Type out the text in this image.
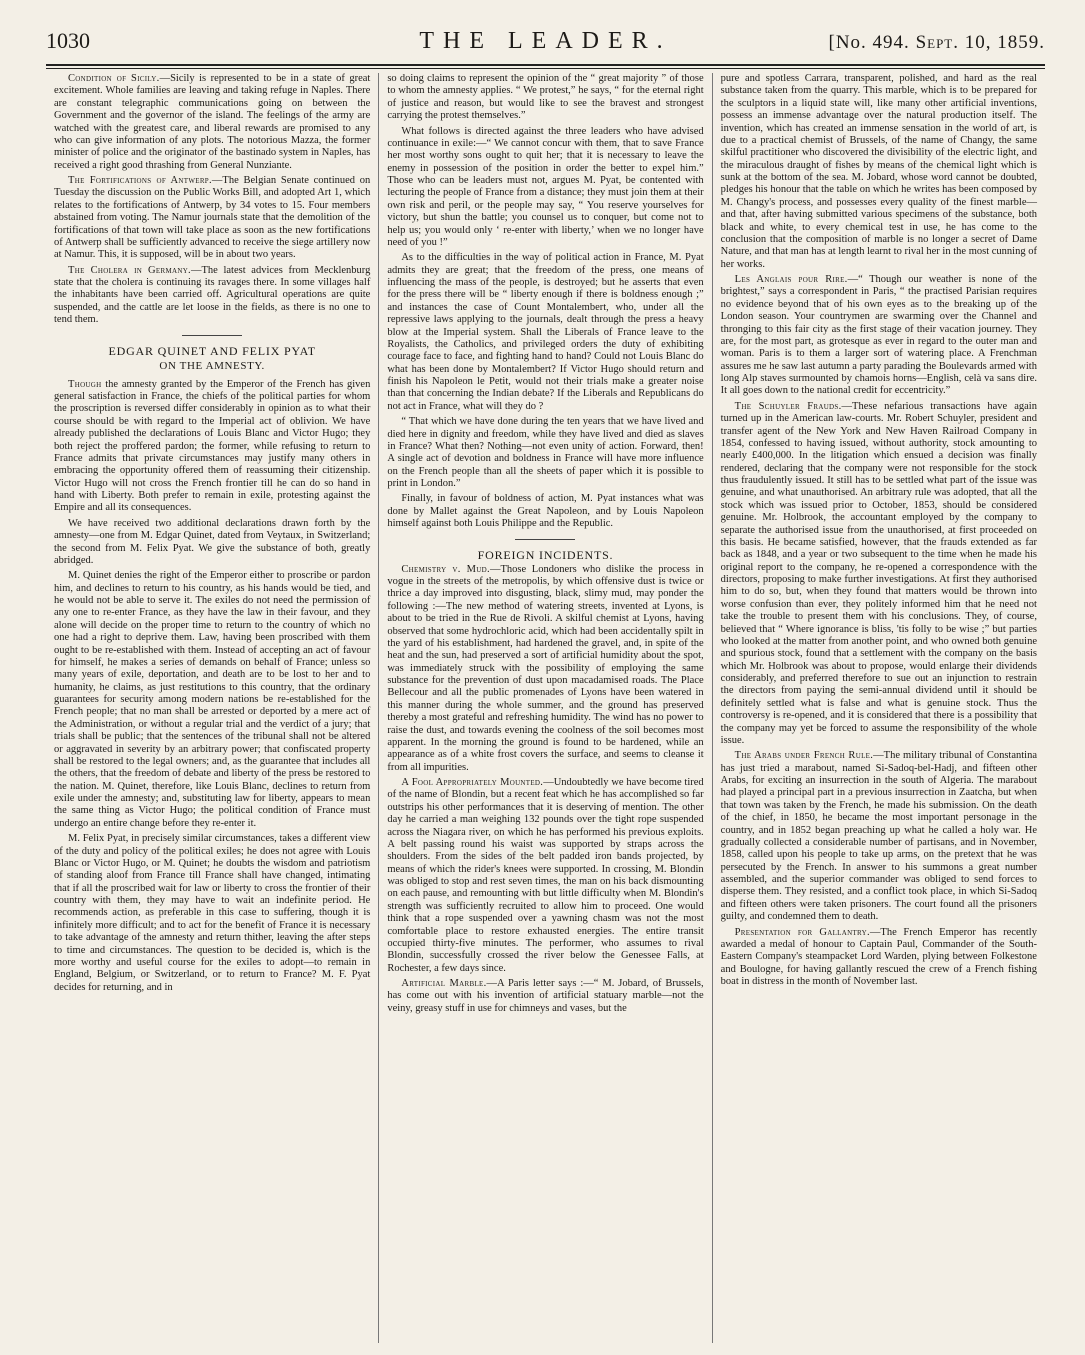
1030	THE LEADER.	[No. 494. Sept. 10, 1859.

Condition of Sicily.—Sicily is represented to be in a state of great excitement. Whole families are leaving and taking refuge in Naples. There are constant telegraphic communications going on between the Government and the governor of the island. The feelings of the army are watched with the greatest care, and liberal rewards are promised to any who can give information of any plots. The notorious Mazza, the former minister of police and the originator of the bastinado system in Naples, has received a right good thrashing from General Nunziante.

The Fortifications of Antwerp.—The Belgian Senate continued on Tuesday the discussion on the Public Works Bill, and adopted Art 1, which relates to the fortifications of Antwerp, by 34 votes to 15. Four members abstained from voting. The Namur journals state that the demolition of the fortifications of that town will take place as soon as the new fortifications of Antwerp shall be sufficiently advanced to receive the siege artillery now at Namur. This, it is supposed, will be in about two years.

The Cholera in Germany.—The latest advices from Mecklenburg state that the cholera is continuing its ravages there. In some villages half the inhabitants have been carried off. Agricultural operations are quite suspended, and the cattle are let loose in the fields, as there is no one to tend them.

EDGAR QUINET AND FELIX PYAT
ON THE AMNESTY.

Though the amnesty granted by the Emperor of the French has given general satisfaction in France, the chiefs of the political parties for whom the proscription is reversed differ considerably in opinion as to what their course should be with regard to the Imperial act of oblivion. We have already published the declarations of Louis Blanc and Victor Hugo; they both reject the proffered pardon; the former, while refusing to return to France admits that private circumstances may justify many others in embracing the opportunity offered them of reassuming their citizenship. Victor Hugo will not cross the French frontier till he can do so hand in hand with Liberty. Both prefer to remain in exile, protesting against the Empire and all its consequences.

We have received two additional declarations drawn forth by the amnesty—one from M. Edgar Quinet, dated from Veytaux, in Switzerland; the second from M. Felix Pyat. We give the substance of both, greatly abridged.

M. Quinet denies the right of the Emperor either to proscribe or pardon him, and declines to return to his country, as his hands would be tied, and he would not be able to serve it. The exiles do not need the permission of any one to re-enter France, as they have the law in their favour, and they alone will decide on the proper time to return to the country of which no one had a right to deprive them. Law, having been proscribed with them ought to be re-established with them. Instead of accepting an act of favour for himself, he makes a series of demands on behalf of France; unless so many years of exile, deportation, and death are to be lost to her and to humanity, he claims, as just restitutions to this country, that the ordinary guarantees for security among modern nations be re-established for the French people; that no man shall be arrested or deported by a mere act of the Administration, or without a regular trial and the verdict of a jury; that trials shall be public; that the sentences of the tribunal shall not be altered or aggravated in severity by an arbitrary power; that confiscated property shall be restored to the legal owners; and, as the guarantee that includes all the others, that the freedom of debate and liberty of the press be restored to the nation. M. Quinet, therefore, like Louis Blanc, declines to return from exile under the amnesty; and, substituting law for liberty, appears to mean the same thing as Victor Hugo; the political condition of France must undergo an entire change before they re-enter it.

M. Felix Pyat, in precisely similar circumstances, takes a different view of the duty and policy of the political exiles; he does not agree with Louis Blanc or Victor Hugo, or M. Quinet; he doubts the wisdom and patriotism of standing aloof from France till France shall have changed, intimating that if all the proscribed wait for law or liberty to cross the frontier of their country with them, they may have to wait an indefinite period. He recommends action, as preferable in this case to suffering, though it is infinitely more difficult; and to act for the benefit of France it is necessary to take advantage of the amnesty and return thither, leaving the after steps to time and circumstances. The question to be decided is, which is the more worthy and useful course for the exiles to adopt—to remain in England, Belgium, or Switzerland, or to return to France? M. F. Pyat decides for returning, and in

so doing claims to represent the opinion of the “ great majority ” of those to whom the amnesty applies. “ We protest,” he says, “ for the eternal right of justice and reason, but would like to see the bravest and strongest carrying the protest themselves.”

What follows is directed against the three leaders who have advised continuance in exile:—“ We cannot concur with them, that to save France her most worthy sons ought to quit her; that it is necessary to leave the enemy in possession of the position in order the better to expel him.” Those who can be leaders must not, argues M. Pyat, be contented with lecturing the people of France from a distance; they must join them at their own risk and peril, or the people may say, “ You reserve yourselves for victory, but shun the battle; you counsel us to conquer, but come not to help us; you would only ‘ re-enter with liberty,’ when we no longer have need of you !”

As to the difficulties in the way of political action in France, M. Pyat admits they are great; that the freedom of the press, one means of influencing the mass of the people, is destroyed; but he asserts that even for the press there will be “ liberty enough if there is boldness enough ;” and instances the case of Count Montalembert, who, under all the repressive laws applying to the journals, dealt through the press a heavy blow at the Imperial system. Shall the Liberals of France leave to the Royalists, the Catholics, and privileged orders the duty of exhibiting courage face to face, and fighting hand to hand? Could not Louis Blanc do what has been done by Montalembert? If Victor Hugo should return and finish his Napoleon le Petit, would not their trials make a greater noise than that concerning the Indian debate? If the Liberals and Republicans do not act in France, what will they do ?

“ That which we have done during the ten years that we have lived and died here in dignity and freedom, while they have lived and died as slaves in France? What then? Nothing—not even unity of action. Forward, then! A single act of devotion and boldness in France will have more influence on the French people than all the sheets of paper which it is possible to print in London.”

Finally, in favour of boldness of action, M. Pyat instances what was done by Mallet against the Great Napoleon, and by Louis Napoleon himself against both Louis Philippe and the Republic.

FOREIGN INCIDENTS.

Chemistry v. Mud.—Those Londoners who dislike the process in vogue in the streets of the metropolis, by which offensive dust is twice or thrice a day improved into disgusting, black, slimy mud, may ponder the following :—The new method of watering streets, invented at Lyons, is about to be tried in the Rue de Rivoli. A skilful chemist at Lyons, having observed that some hydrochloric acid, which had been accidentally spilt in the yard of his establishment, had hardened the gravel, and, in spite of the heat and the sun, had preserved a sort of artificial humidity about the spot, was immediately struck with the possibility of employing the same substance for the prevention of dust upon macadamised roads. The Place Bellecour and all the public promenades of Lyons have been watered in this manner during the whole summer, and the ground has preserved thereby a most grateful and refreshing humidity. The wind has no power to raise the dust, and towards evening the coolness of the soil becomes most apparent. In the morning the ground is found to be hardened, while an appearance as of a white frost covers the surface, and seems to cleanse it from all impurities.

A Fool Appropriately Mounted.—Undoubtedly we have become tired of the name of Blondin, but a recent feat which he has accomplished so far outstrips his other performances that it is deserving of mention. The other day he carried a man weighing 132 pounds over the tight rope suspended across the Niagara river, on which he has performed his previous exploits. A belt passing round his waist was supported by straps across the shoulders. From the sides of the belt padded iron bands projected, by means of which the rider's knees were supported. In crossing, M. Blondin was obliged to stop and rest seven times, the man on his back dismounting on each pause, and remounting with but little difficulty when M. Blondin's strength was sufficiently recruited to allow him to proceed. One would think that a rope suspended over a yawning chasm was not the most comfortable place to restore exhausted energies. The entire transit occupied thirty-five minutes. The performer, who assumes to rival Blondin, successfully crossed the river below the Genessee Falls, at Rochester, a few days since.

Artificial Marble.—A Paris letter says :—“ M. Jobard, of Brussels, has come out with his invention of artificial statuary marble—not the veiny, greasy stuff in use for chimneys and vases, but the

pure and spotless Carrara, transparent, polished, and hard as the real substance taken from the quarry. This marble, which is to be prepared for the sculptors in a liquid state will, like many other artificial inventions, possess an immense advantage over the natural production itself. The invention, which has created an immense sensation in the world of art, is due to a practical chemist of Brussels, of the name of Changy, the same skilful practitioner who discovered the divisibility of the electric light, and the miraculous draught of fishes by means of the chemical light which is sunk at the bottom of the sea. M. Jobard, whose word cannot be doubted, pledges his honour that the table on which he writes has been composed by M. Changy's process, and possesses every quality of the finest marble—and that, after having submitted various specimens of the substance, both black and white, to every chemical test in use, he has come to the conclusion that the composition of marble is no longer a secret of Dame Nature, and that man has at length learnt to rival her in the most cunning of her works.

Les Anglais pour Rire.—“ Though our weather is none of the brightest,” says a correspondent in Paris, “ the practised Parisian requires no evidence beyond that of his own eyes as to the breaking up of the London season. Your countrymen are swarming over the Channel and thronging to this fair city as the first stage of their vacation journey. They are, for the most part, as grotesque as ever in regard to the outer man and woman. Paris is to them a larger sort of watering place. A Frenchman assures me he saw last autumn a party parading the Boulevards armed with long Alp staves surmounted by chamois horns—English, celà va sans dire. It all goes down to the national credit for eccentricity.”

The Schuyler Frauds.—These nefarious transactions have again turned up in the American law-courts. Mr. Robert Schuyler, president and transfer agent of the New York and New Haven Railroad Company in 1854, confessed to having issued, without authority, stock amounting to nearly £400,000. In the litigation which ensued a decision was finally rendered, declaring that the company were not responsible for the stock thus fraudulently issued. It still has to be settled what part of the issue was genuine, and what unauthorised. An arbitrary rule was adopted, that all the stock which was issued prior to October, 1853, should be considered genuine. Mr. Holbrook, the accountant employed by the company to separate the authorised issue from the unauthorised, at first proceeded on this basis. He became satisfied, however, that the frauds extended as far back as 1848, and a year or two subsequent to the time when he made his original report to the company, he re-opened a correspondence with the directors, proposing to make further investigations. At first they authorised him to do so, but, when they found that matters would be thrown into worse confusion than ever, they politely informed him that he need not take the trouble to present them with his conclusions. They, of course, believed that “ Where ignorance is bliss, 'tis folly to be wise ;” but parties who looked at the matter from another point, and who owned both genuine and spurious stock, found that a settlement with the company on the basis which Mr. Holbrook was about to propose, would enlarge their dividends considerably, and preferred therefore to sue out an injunction to restrain the directors from paying the semi-annual dividend until it should be definitely settled what is false and what is genuine stock. Thus the controversy is re-opened, and it is considered that there is a possibility that the company may yet be forced to assume the responsibility of the whole issue.

The Arabs under French Rule.—The military tribunal of Constantina has just tried a marabout, named Si-Sadoq-bel-Hadj, and fifteen other Arabs, for exciting an insurrection in the south of Algeria. The marabout had played a principal part in a previous insurrection in Zaatcha, but when that town was taken by the French, he made his submission. On the death of the chief, in 1850, he became the most important personage in the country, and in 1852 began preaching up what he called a holy war. He gradually collected a considerable number of partisans, and in November, 1858, called upon his people to take up arms, on the pretext that he was persecuted by the French. In answer to his summons a great number assembled, and the superior commander was obliged to send forces to disperse them. They resisted, and a conflict took place, in which Si-Sadoq and fifteen others were taken prisoners. The court found all the prisoners guilty, and condemned them to death.

Presentation for Gallantry.—The French Emperor has recently awarded a medal of honour to Captain Paul, Commander of the South-Eastern Company's steampacket Lord Warden, plying between Folkestone and Boulogne, for having gallantly rescued the crew of a French fishing boat in distress in the month of November last.
